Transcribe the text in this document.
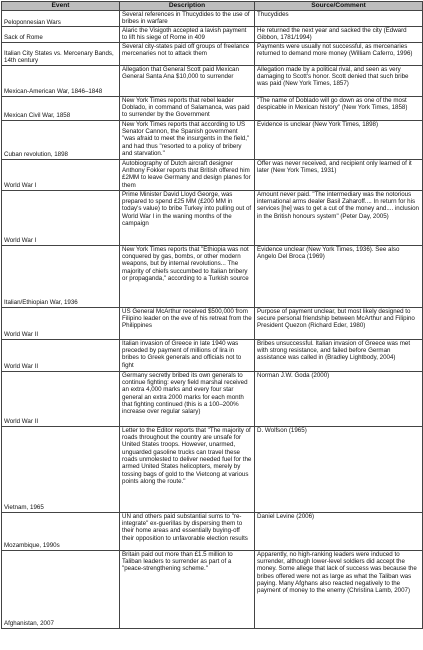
Event	Description	Source/Comment
Peloponnesian Wars	Several references in Thucydides to the use of bribes in warfare	Thucydides
Sack of Rome	Alaric the Visigoth accepted a lavish payment to lift his siege of Rome in 409	He returned the next year and sacked the city (Edward Gibbon, 1781/1994)
Italian City States vs. Mercenary Bands, 14th century	Several city-states paid off groups of freelance mercenaries not to attack them	Payments were usually not successful, as mercenaries returned to demand more money (William Caferro, 1996)
Mexican-American War, 1846–1848	Allegation that General Scott paid Mexican General Santa Ana $10,000 to surrender	Allegation made by a political rival, and seen as very damaging to Scott's honor. Scott denied that such bribe was paid (New York Times, 1857)
Mexican Civil War, 1858	New York Times reports that rebel leader Doblado, in command of Salamanca, was paid to surrender by the Government	"The name of Doblado will go down as one of the most despicable in Mexican history" (New York Times, 1858)
Cuban revolution, 1898	New York Times reports that according to US Senator Cannon, the Spanish government "was afraid to meet the insurgents in the field," and had thus "resorted to a policy of bribery and starvation."	Evidence is unclear (New York Times, 1898)
World War I	Autobiography of Dutch aircraft designer Anthony Fokker reports that British offered him £2MM to leave Germany and design planes for them	Offer was never received, and recipient only learned of it later (New York Times, 1931)
World War I	Prime Minister David Lloyd George, was prepared to spend £25 MM (£200 MM in today's value) to bribe Turkey into pulling out of World War I in the waning months of the campaign	Amount never paid. "The intermediary was the notorious international arms dealer Basil Zaharoff.... In return for his services [he] was to get a cut of the money and.... inclusion in the British honours system" (Peter Day, 2005)
Italian/Ethiopian War, 1936	New York Times reports that "Ethiopia was not conquered by gas, bombs, or other modern weapons, but by internal revolutions... The majority of chiefs succumbed to Italian bribery or propaganda," according to a Turkish source	Evidence unclear (New York Times, 1936). See also Angelo Del Broca (1969)
World War II	US General McArthur received $500,000 from Filipino leader on the eve of his retreat from the Philippines	Purpose of payment unclear, but most likely designed to secure personal friendship between McArthur and Filipino President Quezon (Richard Eder, 1980)
World War II	Italian invasion of Greece in late 1940 was preceded by payment of millions of lira in bribes to Greek generals and officials not to fight	Bribes unsuccessful. Italian invasion of Greece was met with strong resistance, and failed before German assistance was called in (Bradley Lightbody, 2004)
World War II	Germany secretly bribed its own generals to continue fighting: every field marshal received an extra 4,000 marks and every four star general an extra 2000 marks for each month that fighting continued (this is a 100–200% increase over regular salary)	Norman J.W. Goda (2000)
Vietnam, 1965	Letter to the Editor reports that "The majority of roads throughout the country are unsafe for United States troops. However, unarmed, unguarded gasoline trucks can travel these roads unmolested to deliver needed fuel for the armed United States helicopters, merely by tossing bags of gold to the Vietcong at various points along the route."	D. Wolfson (1965)
Mozambique, 1990s	UN and others paid substantial sums to "re-integrate" ex-guerillas by dispersing them to their home areas and essentially buying-off their opposition to unfavorable election results	Daniel Levine (2006)
Afghanistan, 2007	Britain paid out more than £1.5 million to Taliban leaders to surrender as part of a "peace-strengthening scheme."	Apparently, no high-ranking leaders were induced to surrender, although lower-level soldiers did accept the money. Some allege that lack of success was because the bribes offered were not as large as what the Taliban was paying. Many Afghans also reacted negatively to the payment of money to the enemy (Christina Lamb, 2007)
